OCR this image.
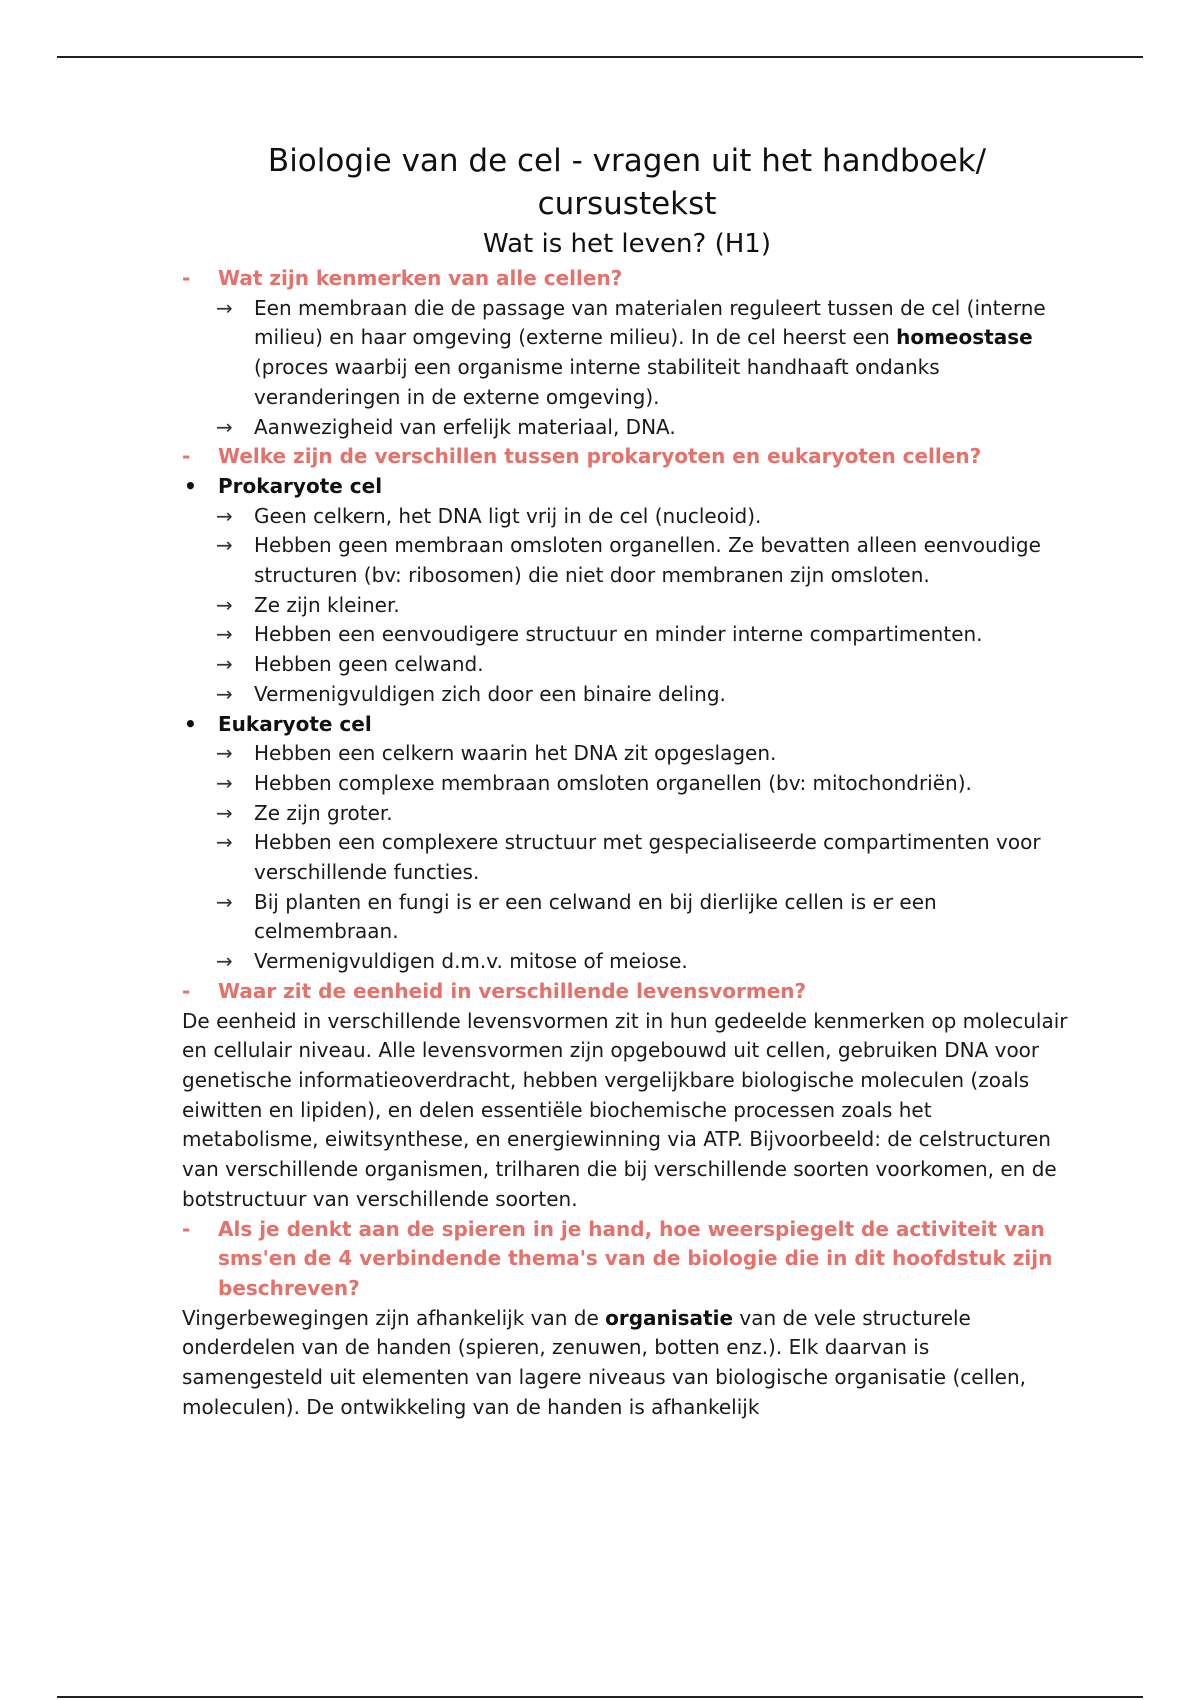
Biologie van de cel - vragen uit het handboek/ cursustekst
Wat is het leven? (H1)
- Wat zijn kenmerken van alle cellen?
→ Een membraan die de passage van materialen reguleert tussen de cel (interne milieu) en haar omgeving (externe milieu). In de cel heerst een homeostase (proces waarbij een organisme interne stabiliteit handhaaft ondanks veranderingen in de externe omgeving).
→ Aanwezigheid van erfelijk materiaal, DNA.
- Welke zijn de verschillen tussen prokaryoten en eukaryoten cellen?
• Prokaryote cel
→ Geen celkern, het DNA ligt vrij in de cel (nucleoid).
→ Hebben geen membraan omsloten organellen. Ze bevatten alleen eenvoudige structuren (bv: ribosomen) die niet door membranen zijn omsloten.
→ Ze zijn kleiner.
→ Hebben een eenvoudigere structuur en minder interne compartimenten.
→ Hebben geen celwand.
→ Vermenigvuldigen zich door een binaire deling.
• Eukaryote cel
→ Hebben een celkern waarin het DNA zit opgeslagen.
→ Hebben complexe membraan omsloten organellen (bv: mitochondriën).
→ Ze zijn groter.
→ Hebben een complexere structuur met gespecialiseerde compartimenten voor verschillende functies.
→ Bij planten en fungi is er een celwand en bij dierlijke cellen is er een celmembraan.
→ Vermenigvuldigen d.m.v. mitose of meiose.
- Waar zit de eenheid in verschillende levensvormen?

De eenheid in verschillende levensvormen zit in hun gedeelde kenmerken op moleculair en cellulair niveau. Alle levensvormen zijn opgebouwd uit cellen, gebruiken DNA voor genetische informatieoverdracht, hebben vergelijkbare biologische moleculen (zoals eiwitten en lipiden), en delen essentiële biochemische processen zoals het metabolisme, eiwitsynthese, en energiewinning via ATP. Bijvoorbeeld: de celstructuren van verschillende organismen, trilharen die bij verschillende soorten voorkomen, en de botstructuur van verschillende soorten.

- Als je denkt aan de spieren in je hand, hoe weerspiegelt de activiteit van sms'en de 4 verbindende thema's van de biologie die in dit hoofdstuk zijn beschreven?

Vingerbewegingen zijn afhankelijk van de organisatie van de vele structurele onderdelen van de handen (spieren, zenuwen, botten enz.). Elk daarvan is samengesteld uit elementen van lagere niveaus van biologische organisatie (cellen, moleculen). De ontwikkeling van de handen is afhankelijk
